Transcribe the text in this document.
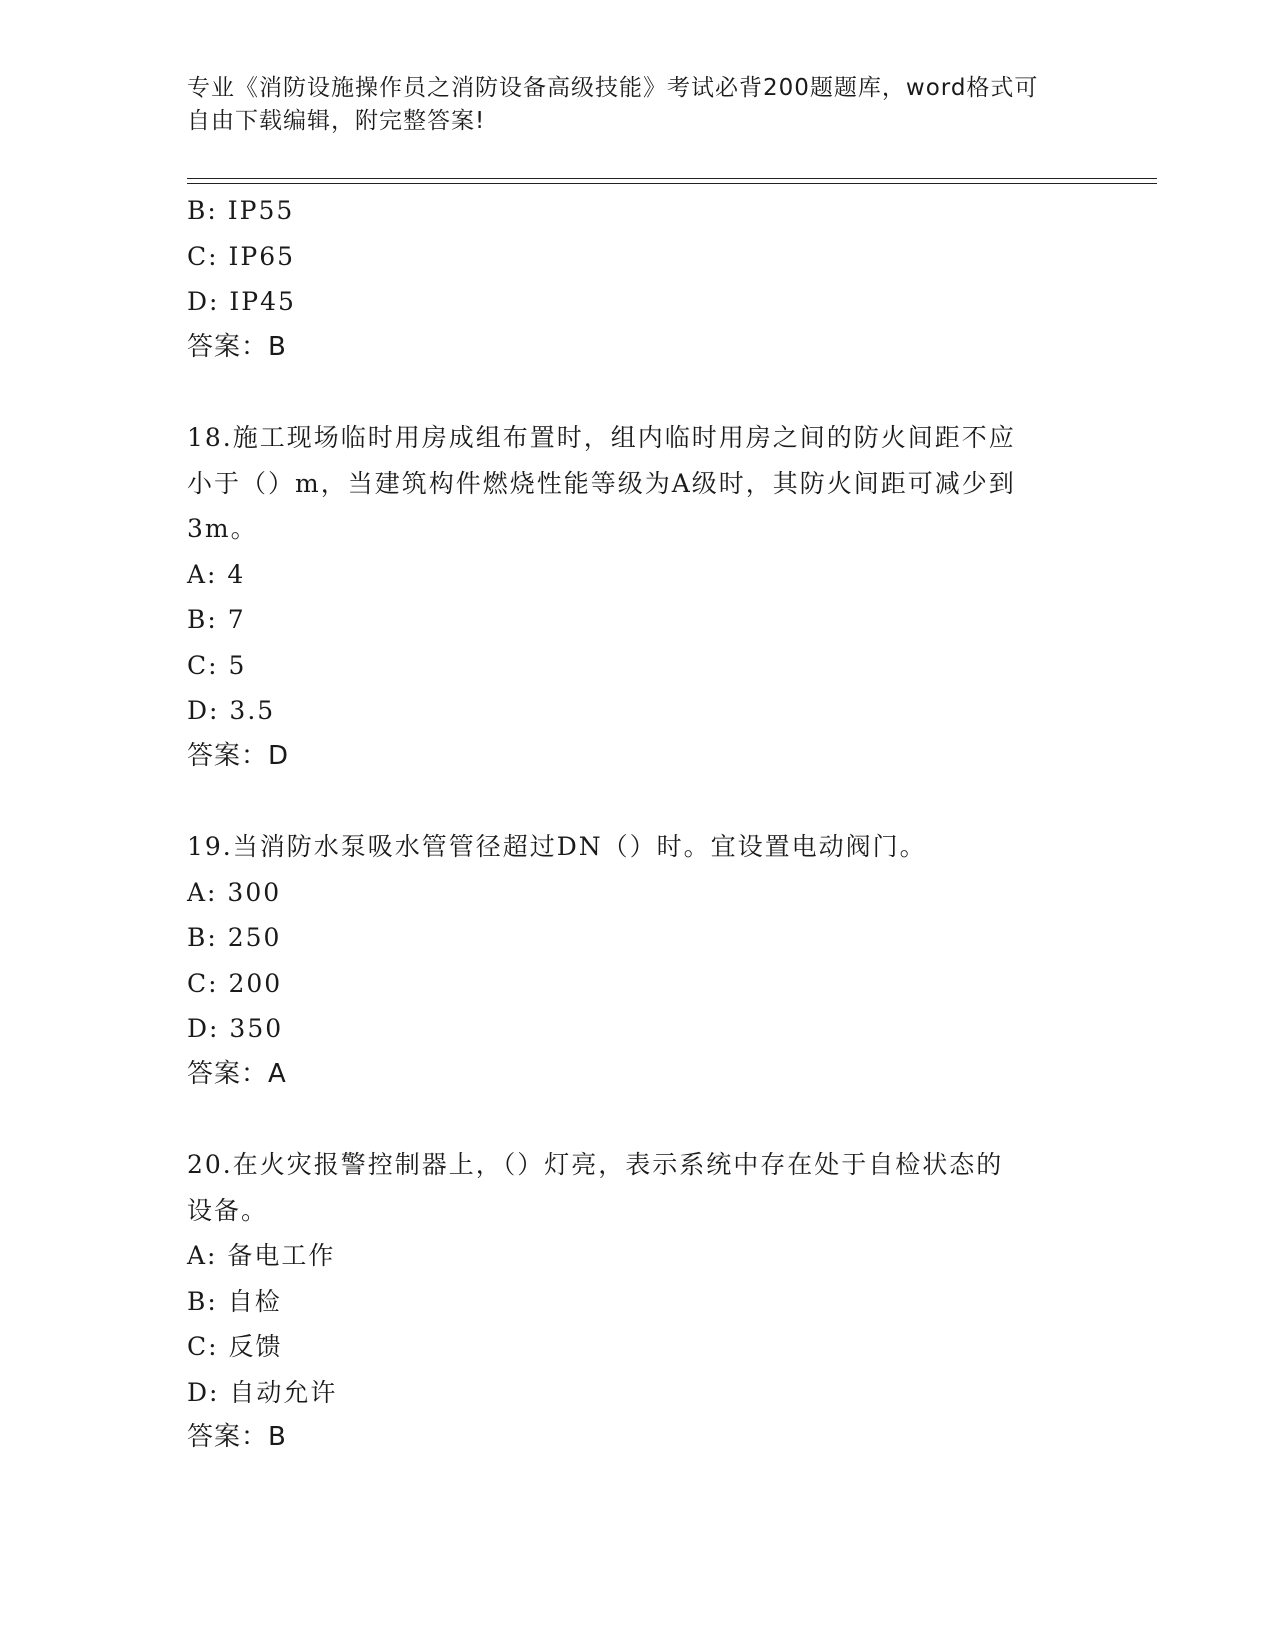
专业《消防设施操作员之消防设备高级技能》考试必背200题题库，word格式可
自由下载编辑，附完整答案!
B: IP55
C: IP65
D: IP45
答案：B
18.施工现场临时用房成组布置时，组内临时用房之间的防火间距不应
小于（）m，当建筑构件燃烧性能等级为A级时，其防火间距可减少到
3m。
A: 4
B: 7
C: 5
D: 3.5
答案：D
19.当消防水泵吸水管管径超过DN（）时。宜设置电动阀门。
A: 300
B: 250
C: 200
D: 350
答案：A
20.在火灾报警控制器上，（）灯亮，表示系统中存在处于自检状态的
设备。
A: 备电工作
B: 自检
C: 反馈
D: 自动允许
答案：B
